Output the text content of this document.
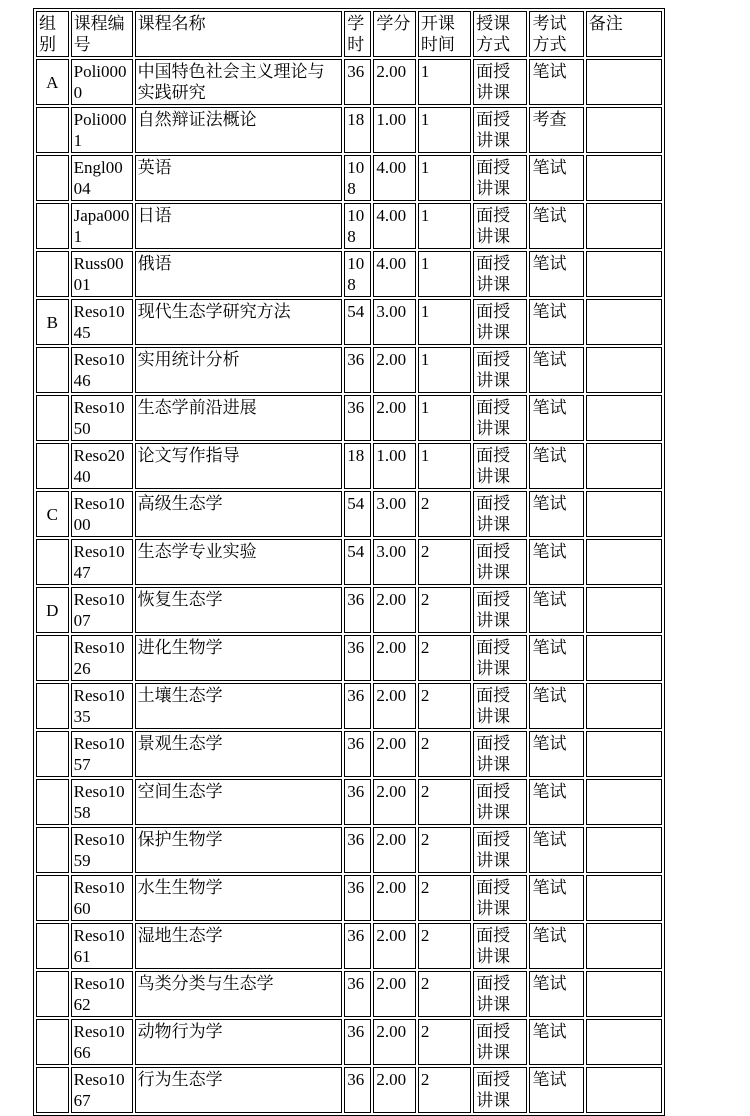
组别	课程编号	课程名称	学时	学分	开课时间	授课方式	考试方式	备注
A	Poli0000	中国特色社会主义理论与实践研究	36	2.00	1	面授讲课	笔试	
	Poli0001	自然辩证法概论	18	1.00	1	面授讲课	考查	
	Engl0004	英语	108	4.00	1	面授讲课	笔试	
	Japa0001	日语	108	4.00	1	面授讲课	笔试	
	Russ0001	俄语	108	4.00	1	面授讲课	笔试	
B	Reso1045	现代生态学研究方法	54	3.00	1	面授讲课	笔试	
	Reso1046	实用统计分析	36	2.00	1	面授讲课	笔试	
	Reso1050	生态学前沿进展	36	2.00	1	面授讲课	笔试	
	Reso2040	论文写作指导	18	1.00	1	面授讲课	笔试	
C	Reso1000	高级生态学	54	3.00	2	面授讲课	笔试	
	Reso1047	生态学专业实验	54	3.00	2	面授讲课	笔试	
D	Reso1007	恢复生态学	36	2.00	2	面授讲课	笔试	
	Reso1026	进化生物学	36	2.00	2	面授讲课	笔试	
	Reso1035	土壤生态学	36	2.00	2	面授讲课	笔试	
	Reso1057	景观生态学	36	2.00	2	面授讲课	笔试	
	Reso1058	空间生态学	36	2.00	2	面授讲课	笔试	
	Reso1059	保护生物学	36	2.00	2	面授讲课	笔试	
	Reso1060	水生生物学	36	2.00	2	面授讲课	笔试	
	Reso1061	湿地生态学	36	2.00	2	面授讲课	笔试	
	Reso1062	鸟类分类与生态学	36	2.00	2	面授讲课	笔试	
	Reso1066	动物行为学	36	2.00	2	面授讲课	笔试	
	Reso1067	行为生态学	36	2.00	2	面授讲课	笔试	
